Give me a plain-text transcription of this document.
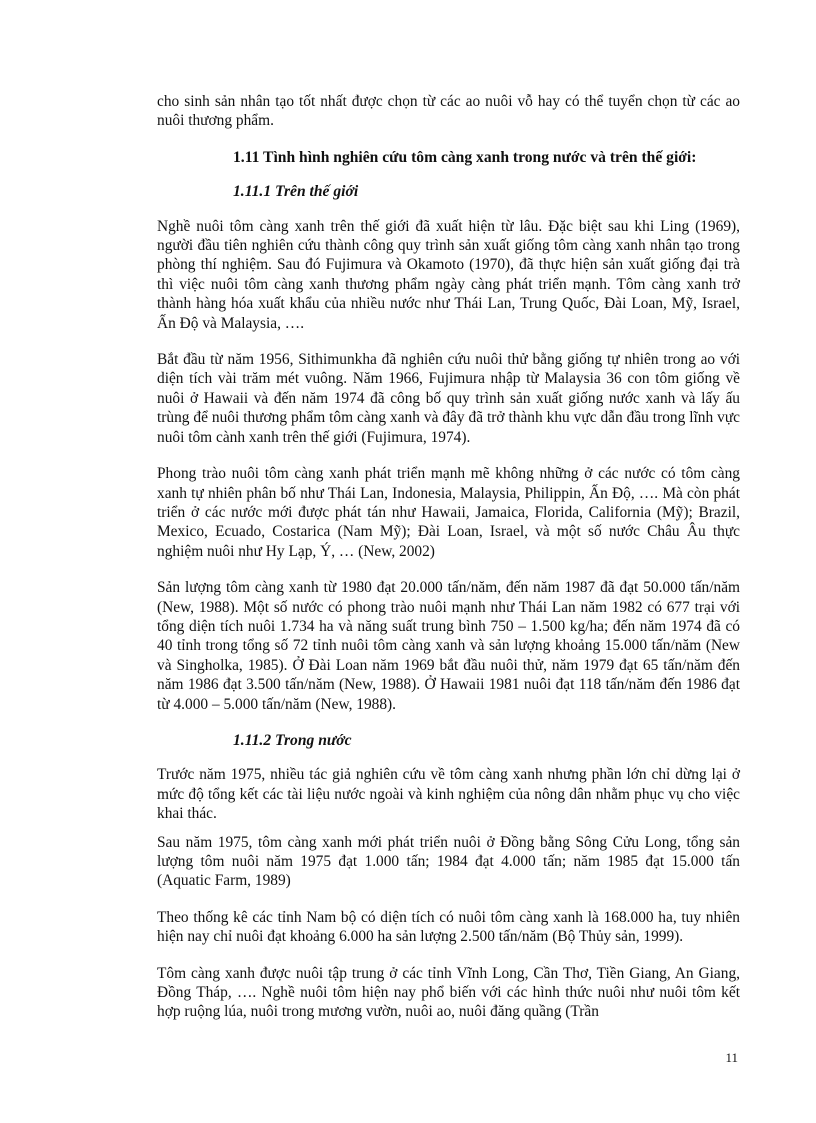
cho sinh sản nhân tạo tốt nhất được chọn từ các ao nuôi vỗ hay có thể tuyển chọn từ các ao nuôi thương phẩm.

1.11 Tình hình nghiên cứu tôm càng xanh trong nước và trên thế giới:

1.11.1 Trên thế giới

Nghề nuôi tôm càng xanh trên thế giới đã xuất hiện từ lâu. Đặc biệt sau khi Ling (1969), người đầu tiên nghiên cứu thành công quy trình sản xuất giống tôm càng xanh nhân tạo trong phòng thí nghiệm. Sau đó Fujimura và Okamoto (1970), đã thực hiện sản xuất giống đại trà thì việc nuôi tôm càng xanh thương phẩm ngày càng phát triển mạnh. Tôm càng xanh trở thành hàng hóa xuất khẩu của nhiều nước như Thái Lan, Trung Quốc, Đài Loan, Mỹ, Israel, Ấn Độ và Malaysia, ….

Bắt đầu từ năm 1956, Sithimunkha đã nghiên cứu nuôi thử bằng giống tự nhiên trong ao với diện tích vài trăm mét vuông. Năm 1966, Fujimura nhập từ Malaysia 36 con tôm giống về nuôi ở Hawaii và đến năm 1974 đã công bố quy trình sản xuất giống nước xanh và lấy ấu trùng để nuôi thương phẩm tôm càng xanh và đây đã trở thành khu vực dẫn đầu trong lĩnh vực nuôi tôm cành xanh trên thế giới (Fujimura, 1974).

Phong trào nuôi tôm càng xanh phát triển mạnh mẽ không những ở các nước có tôm càng xanh tự nhiên phân bố như Thái Lan, Indonesia, Malaysia, Philippin, Ấn Độ, …. Mà còn phát triển ở các nước mới được phát tán như Hawaii, Jamaica, Florida, California (Mỹ); Brazil, Mexico, Ecuado, Costarica (Nam Mỹ); Đài Loan, Israel, và một số nước Châu Âu thực nghiệm nuôi như Hy Lạp, Ý, … (New, 2002)

Sản lượng tôm càng xanh từ 1980 đạt 20.000 tấn/năm, đến năm 1987 đã đạt 50.000 tấn/năm (New, 1988). Một số nước có phong trào nuôi mạnh như Thái Lan năm 1982 có 677 trại với tổng diện tích nuôi 1.734 ha và năng suất trung bình 750 – 1.500 kg/ha; đến năm 1974 đã có 40 tỉnh trong tổng số 72 tỉnh nuôi tôm càng xanh và sản lượng khoảng 15.000 tấn/năm (New và Singholka, 1985). Ở Đài Loan năm 1969 bắt đầu nuôi thử, năm 1979 đạt 65 tấn/năm đến năm 1986 đạt 3.500 tấn/năm (New, 1988). Ở Hawaii 1981 nuôi đạt 118 tấn/năm đến 1986 đạt từ 4.000 – 5.000 tấn/năm (New, 1988).

1.11.2 Trong nước

Trước năm 1975, nhiều tác giả nghiên cứu về tôm càng xanh nhưng phần lớn chỉ dừng lại ở mức độ tổng kết các tài liệu nước ngoài và kinh nghiệm của nông dân nhằm phục vụ cho việc khai thác.

Sau năm 1975, tôm càng xanh mới phát triển nuôi ở Đồng bằng Sông Cửu Long, tổng sản lượng tôm nuôi năm 1975 đạt 1.000 tấn; 1984 đạt 4.000 tấn; năm 1985 đạt 15.000 tấn (Aquatic Farm, 1989)

Theo thống kê các tỉnh Nam bộ có diện tích có nuôi tôm càng xanh là 168.000 ha, tuy nhiên hiện nay chỉ nuôi đạt khoảng 6.000 ha sản lượng 2.500 tấn/năm (Bộ Thủy sản, 1999).

Tôm càng xanh được nuôi tập trung ở các tỉnh Vĩnh Long, Cần Thơ, Tiền Giang, An Giang, Đồng Tháp, …. Nghề nuôi tôm hiện nay phổ biến với các hình thức nuôi như nuôi tôm kết hợp ruộng lúa, nuôi trong mương vườn, nuôi ao, nuôi đăng quầng (Trần

11
